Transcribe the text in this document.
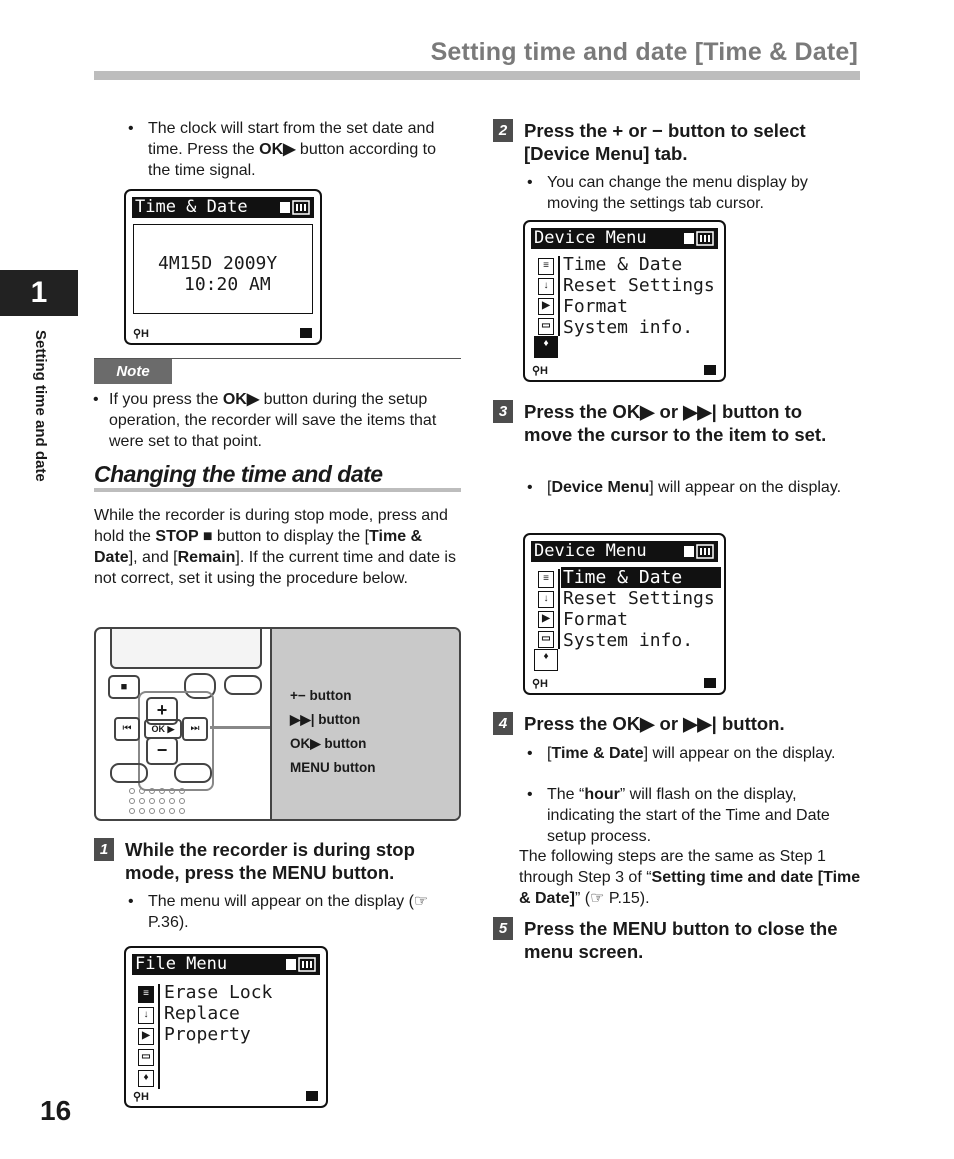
Setting time and date [Time & Date]
1
Setting time and date
16
• The clock will start from the set date and time. Press the OK▶ button according to the time signal.
Time & Date
4M15D 2009Y
10:20 AM
⚲H
Note
• If you press the OK▶ button during the setup operation, the recorder will save the items that were set to that point.
Changing the time and date
While the recorder is during stop mode, press and hold the STOP ■ button to display the [Time & Date], and [Remain]. If the current time and date is not correct, set it using the procedure below.
■
+
−
OK ▶
⏮	⏭
+− button
▶▶| button
OK▶ button
MENU button
1 While the recorder is during stop mode, press the MENU button.
• The menu will appear on the display (☞ P.36).
File Menu
≡
↓
▶
▭
♦
Erase Lock
Replace
Property
⚲H
2 Press the + or − button to select [Device Menu] tab.
• You can change the menu display by moving the settings tab cursor.
Device Menu
≡
↓
▶
▭
♦
Time & Date
Reset Settings
Format
System info.
⚲H
3 Press the OK▶ or ▶▶| button to move the cursor to the item to set.
• [Device Menu] will appear on the display.
Device Menu
≡
↓
▶
▭
♦
Time & Date
Reset Settings
Format
System info.
⚲H
4 Press the OK▶ or ▶▶| button.
• [Time & Date] will appear on the display.
• The “hour” will flash on the display, indicating the start of the Time and Date setup process.
The following steps are the same as Step 1 through Step 3 of “Setting time and date [Time & Date]” (☞ P.15).
5 Press the MENU button to close the menu screen.
